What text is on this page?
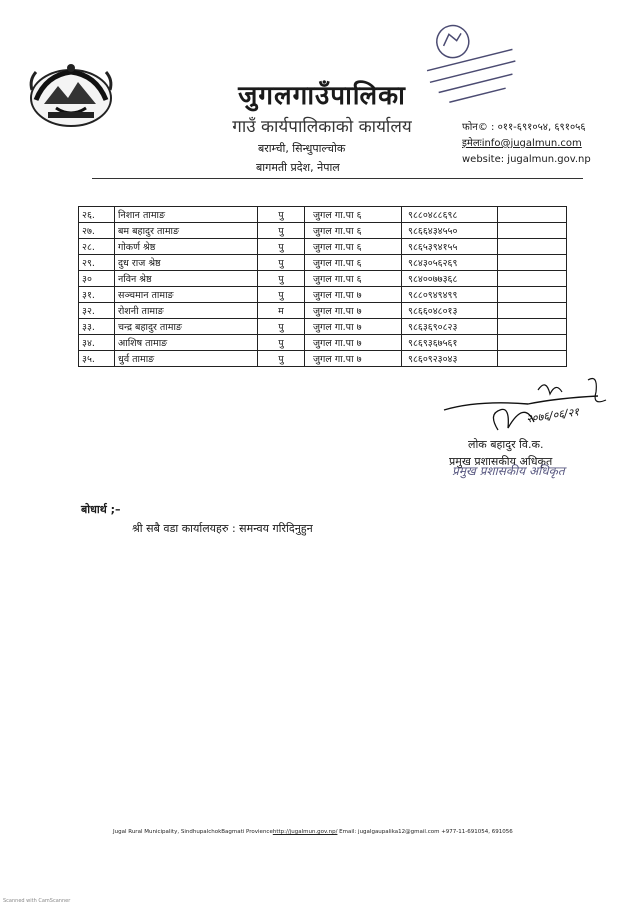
जुगलगाउँपालिका
गाउँ कार्यपालिकाको कार्यालय
बराम्ची, सिन्धुपाल्चोक
बागमती प्रदेश, नेपाल
फोन© : ०११-६९१०५४, ६९१०५६
इमेलःinfo@jugalmun.com
website: jugalmun.gov.np
२६.	निशान तामाङ	पु	जुगल गा.पा ६	९८८०४८८६९८	
२७.	बम बहादुर तामाङ	पु	जुगल गा.पा ६	९८६६४३४५५०	
२८.	गोकर्ण श्रेष्ठ	पु	जुगल गा.पा ६	९८६५३९४१५५	
२९.	दुध राज श्रेष्ठ	पु	जुगल गा.पा ६	९८४३०५६२६९	
३०	नविन श्रेष्ठ	पु	जुगल गा.पा ६	९८४००७७३६८	
३१.	सञ्चमान तामाङ	पु	जुगल गा.पा ७	९८८०९४९४९९	
३२.	रोशनी तामाङ	म	जुगल गा.पा ७	९८६६०४८०१३	
३३.	चन्द्र बहादुर तामाङ	पु	जुगल गा.पा ७	९८६३६९०८२३	
३४.	आशिष तामाङ	पु	जुगल गा.पा ७	९८६९३६७५६१	
३५.	धुर्व तामाङ	पु	जुगल गा.पा ७	९८६०९२३०४३	
२०७६/०६/२१
लोक बहादुर वि.क.
प्रमुख प्रशासकीय अधिकृत
प्रमुख प्रशासकीय अधिकृत
बोधार्थ ;–
श्री सबै वडा कार्यालयहरु : समन्वय गरिदिनुहुन
Jugal Rural Municipality, SindhupalchokBagmati Proviencehttp://jugalmun.gov.np/ Email: jugalgaupalika12@gmail.com +977-11-691054, 691056
Scanned with CamScanner
